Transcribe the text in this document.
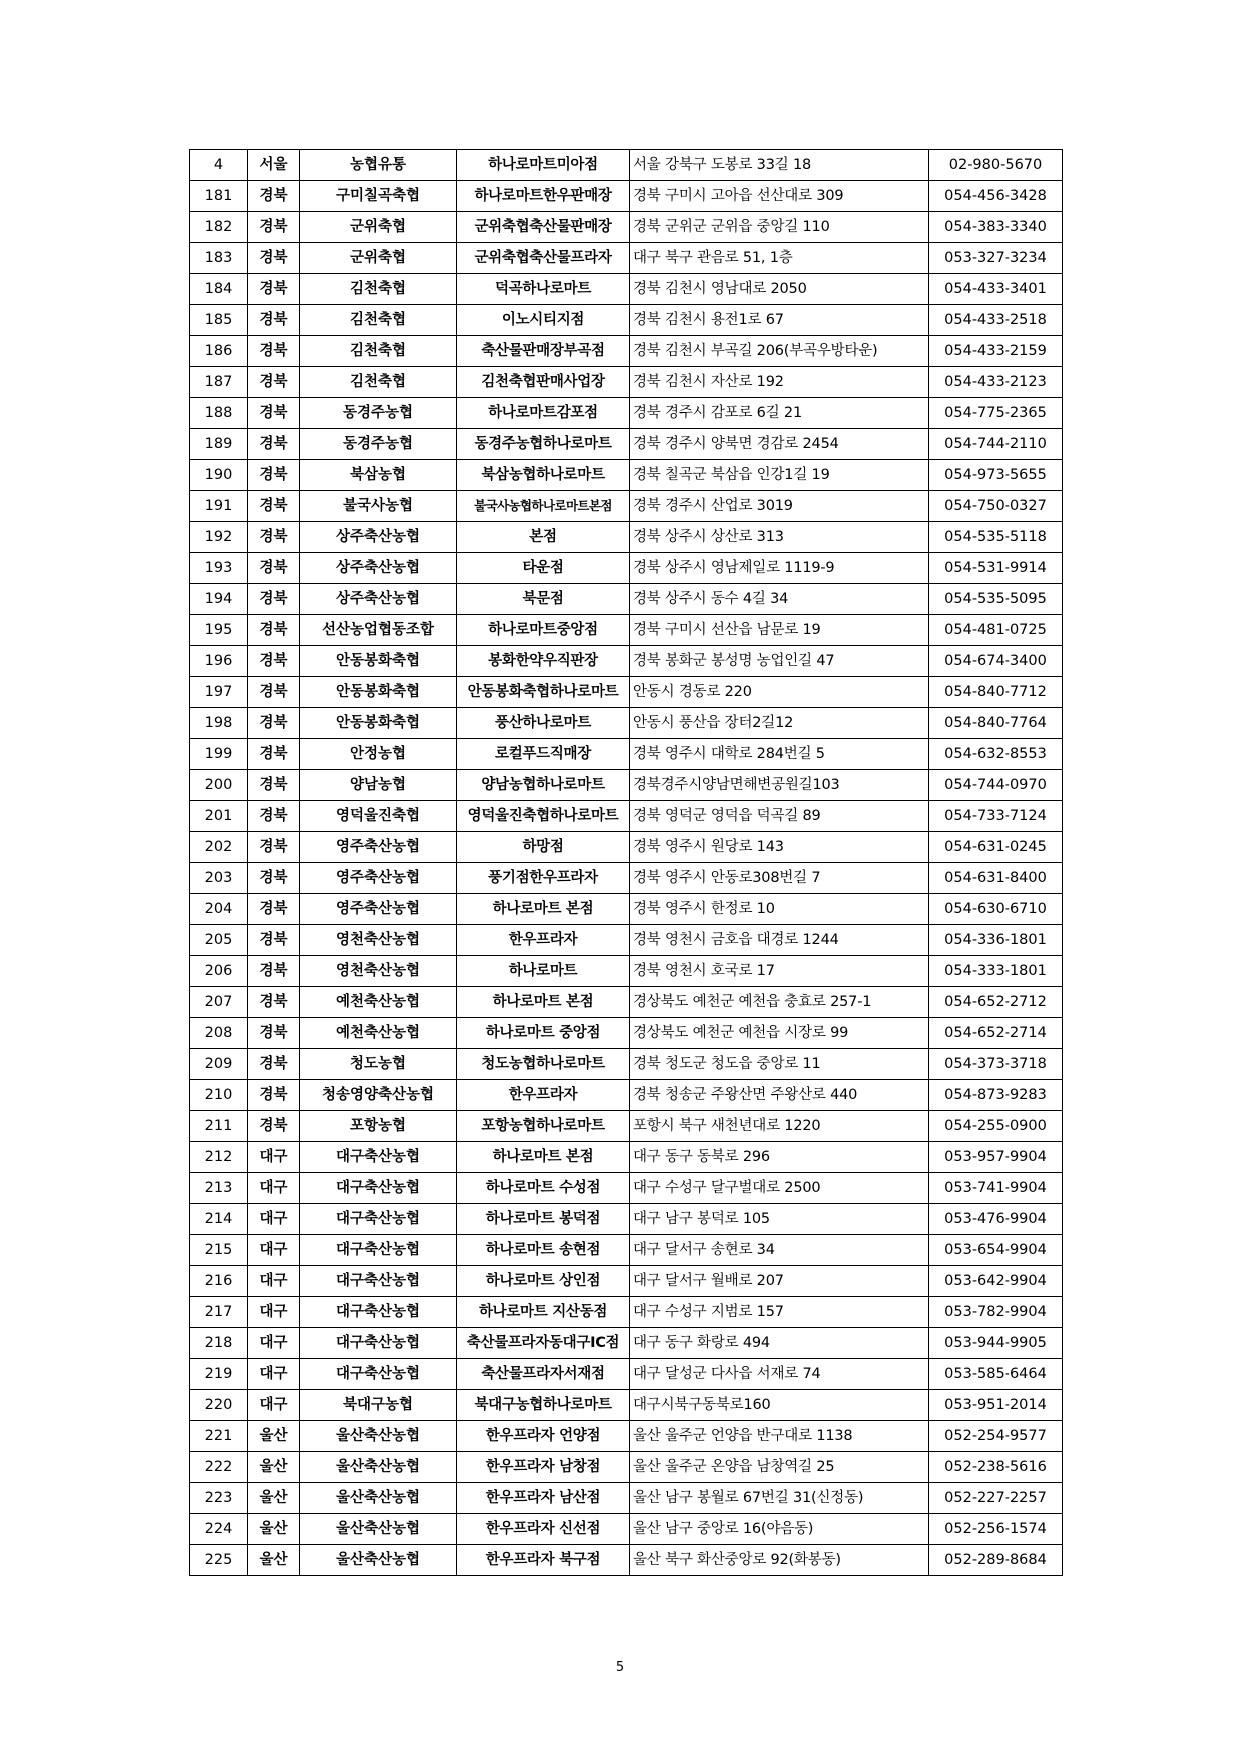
4	서울	농협유통	하나로마트미아점	서울 강북구 도봉로 33길 18	02-980-5670
181	경북	구미칠곡축협	하나로마트한우판매장	경북 구미시 고아읍 선산대로 309	054-456-3428
182	경북	군위축협	군위축협축산물판매장	경북 군위군 군위읍 중앙길 110	054-383-3340
183	경북	군위축협	군위축협축산물프라자	대구 북구 관음로 51, 1층	053-327-3234
184	경북	김천축협	덕곡하나로마트	경북 김천시 영남대로 2050	054-433-3401
185	경북	김천축협	이노시티지점	경북 김천시 용전1로 67	054-433-2518
186	경북	김천축협	축산물판매장부곡점	경북 김천시 부곡길 206(부곡우방타운)	054-433-2159
187	경북	김천축협	김천축협판매사업장	경북 김천시 자산로 192	054-433-2123
188	경북	동경주농협	하나로마트감포점	경북 경주시 감포로 6길 21	054-775-2365
189	경북	동경주농협	동경주농협하나로마트	경북 경주시 양북면 경감로 2454	054-744-2110
190	경북	북삼농협	북삼농협하나로마트	경북 칠곡군 북삼읍 인강1길 19	054-973-5655
191	경북	불국사농협	불국사농협하나로마트본점	경북 경주시 산업로 3019	054-750-0327
192	경북	상주축산농협	본점	경북 상주시 상산로 313	054-535-5118
193	경북	상주축산농협	타운점	경북 상주시 영남제일로 1119-9	054-531-9914
194	경북	상주축산농협	북문점	경북 상주시 동수 4길 34	054-535-5095
195	경북	선산농업협동조합	하나로마트중앙점	경북 구미시 선산읍 남문로 19	054-481-0725
196	경북	안동봉화축협	봉화한약우직판장	경북 봉화군 봉성명 농업인길 47	054-674-3400
197	경북	안동봉화축협	안동봉화축협하나로마트	안동시 경동로 220	054-840-7712
198	경북	안동봉화축협	풍산하나로마트	안동시 풍산읍 장터2길12	054-840-7764
199	경북	안정농협	로컬푸드직매장	경북 영주시 대학로 284번길 5	054-632-8553
200	경북	양남농협	양남농협하나로마트	경북경주시양남면해변공원길103	054-744-0970
201	경북	영덕울진축협	영덕울진축협하나로마트	경북 영덕군 영덕읍 덕곡길 89	054-733-7124
202	경북	영주축산농협	하망점	경북 영주시 원당로 143	054-631-0245
203	경북	영주축산농협	풍기점한우프라자	경북 영주시 안동로308번길 7	054-631-8400
204	경북	영주축산농협	하나로마트 본점	경북 영주시 한정로 10	054-630-6710
205	경북	영천축산농협	한우프라자	경북 영천시 금호읍 대경로 1244	054-336-1801
206	경북	영천축산농협	하나로마트	경북 영천시 호국로 17	054-333-1801
207	경북	예천축산농협	하나로마트 본점	경상북도 예천군 예천읍 충효로 257-1	054-652-2712
208	경북	예천축산농협	하나로마트 중앙점	경상북도 예천군 예천읍 시장로 99	054-652-2714
209	경북	청도농협	청도농협하나로마트	경북 청도군 청도읍 중앙로 11	054-373-3718
210	경북	청송영양축산농협	한우프라자	경북 청송군 주왕산면 주왕산로 440	054-873-9283
211	경북	포항농협	포항농협하나로마트	포항시 북구 새천년대로 1220	054-255-0900
212	대구	대구축산농협	하나로마트 본점	대구 동구 동북로 296	053-957-9904
213	대구	대구축산농협	하나로마트 수성점	대구 수성구 달구벌대로 2500	053-741-9904
214	대구	대구축산농협	하나로마트 봉덕점	대구 남구 봉덕로 105	053-476-9904
215	대구	대구축산농협	하나로마트 송현점	대구 달서구 송현로 34	053-654-9904
216	대구	대구축산농협	하나로마트 상인점	대구 달서구 월배로 207	053-642-9904
217	대구	대구축산농협	하나로마트 지산동점	대구 수성구 지범로 157	053-782-9904
218	대구	대구축산농협	축산물프라자동대구IC점	대구 동구 화랑로 494	053-944-9905
219	대구	대구축산농협	축산물프라자서재점	대구 달성군 다사읍 서재로 74	053-585-6464
220	대구	북대구농협	북대구농협하나로마트	대구시북구동북로160	053-951-2014
221	울산	울산축산농협	한우프라자 언양점	울산 울주군 언양읍 반구대로 1138	052-254-9577
222	울산	울산축산농협	한우프라자 남창점	울산 울주군 온양읍 남창역길 25	052-238-5616
223	울산	울산축산농협	한우프라자 남산점	울산 남구 봉월로 67번길 31(신정동)	052-227-2257
224	울산	울산축산농협	한우프라자 신선점	울산 남구 중앙로 16(야음동)	052-256-1574
225	울산	울산축산농협	한우프라자 북구점	울산 북구 화산중앙로 92(화봉동)	052-289-8684
5
